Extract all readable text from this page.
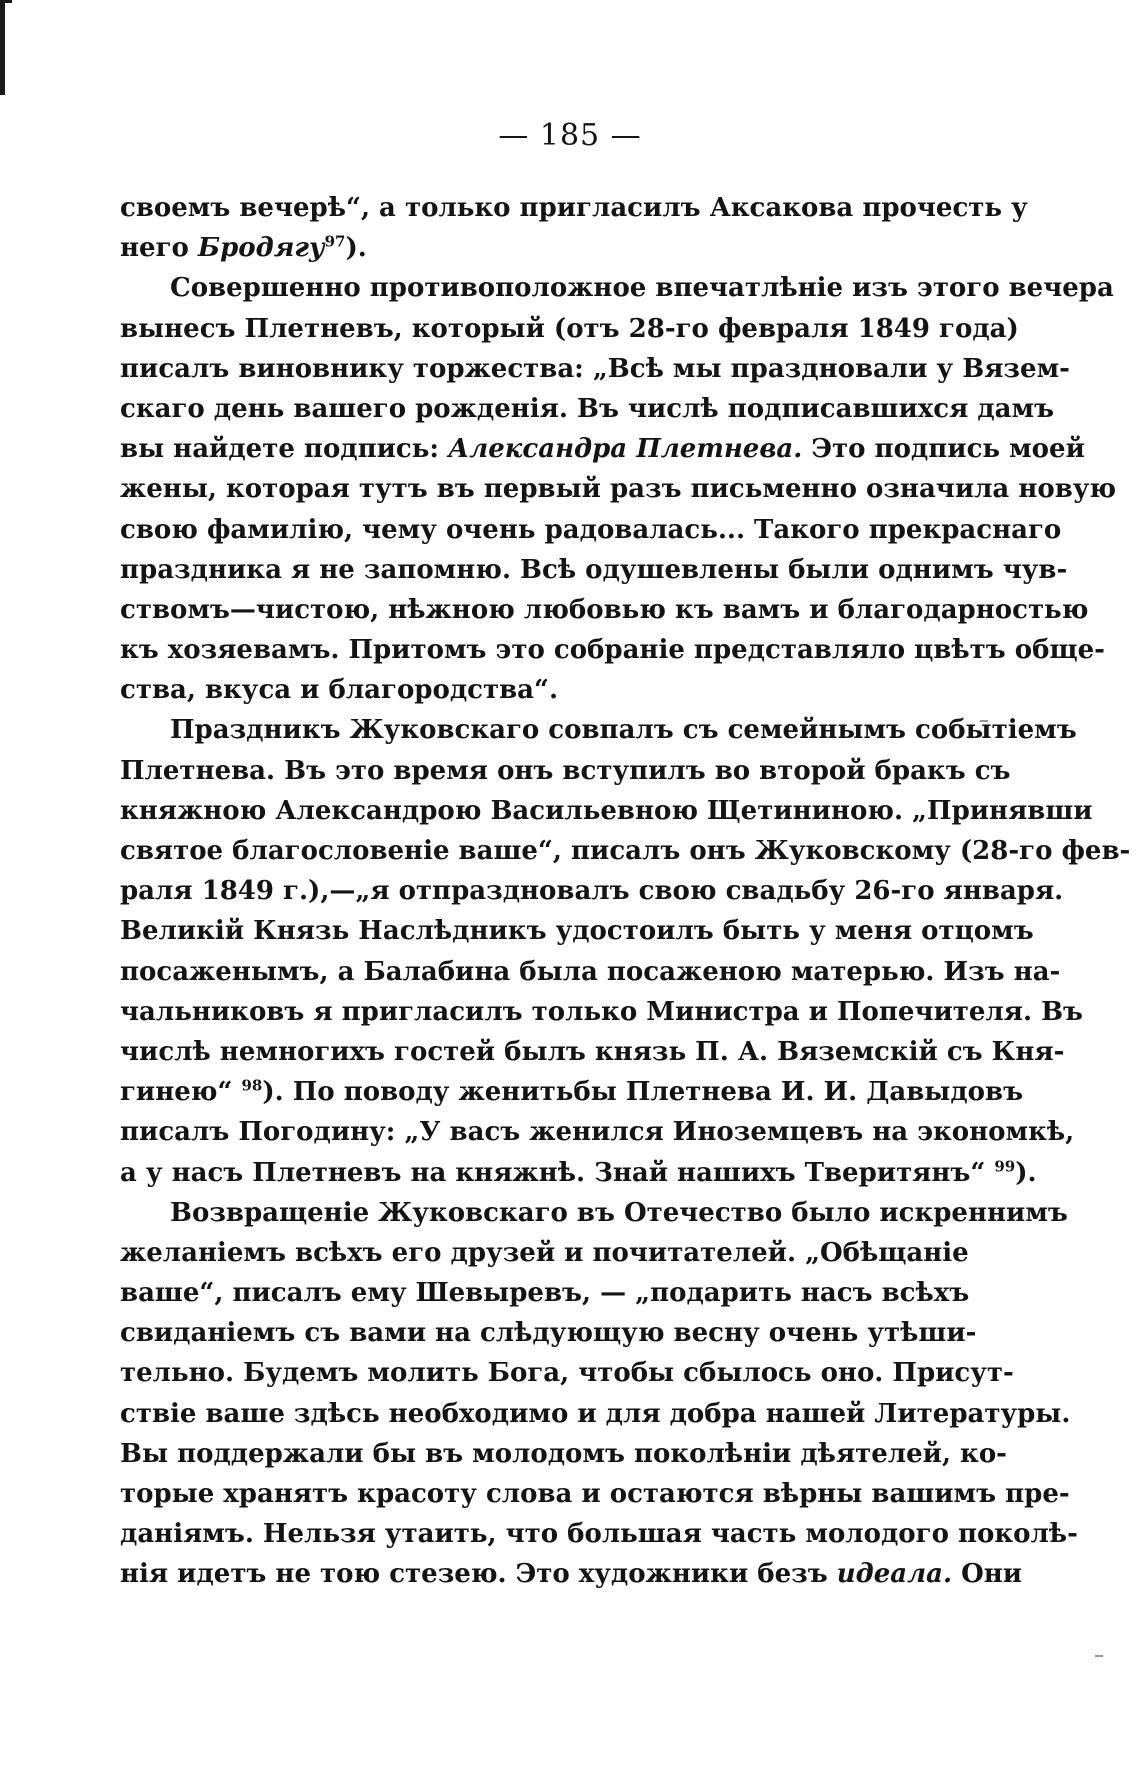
— 185 —
своемъ вечерѣ“, а только пригласилъ Аксакова прочесть у
него Бродягу$^{97}$).
Совершенно противоположное впечатлѣніе изъ этого вечера
вынесъ Плетневъ, который (отъ 28-го февраля 1849 года)
писалъ виновнику торжества: „Всѣ мы праздновали у Вязем-
скаго день вашего рожденія. Въ числѣ подписавшихся дамъ
вы найдете подпись: Александра Плетнева. Это подпись моей
жены, которая тутъ въ первый разъ письменно означила новую
свою фамилію, чему очень радовалась... Такого прекраснаго
праздника я не запомню. Всѣ одушевлены были однимъ чув-
ствомъ—чистою, нѣжною любовью къ вамъ и благодарностью
къ хозяевамъ. Притомъ это собраніе представляло цвѣтъ обще-
ства, вкуса и благородства“.
Праздникъ Жуковскаго совпалъ съ семейнымъ событіемъ
Плетнева. Въ это время онъ вступилъ во второй бракъ съ
княжною Александрою Васильевною Щетининою. „Принявши
святое благословеніе ваше“, писалъ онъ Жуковскому (28-го фев-
раля 1849 г.),—„я отпраздновалъ свою свадьбу 26-го января.
Великій Князь Наслѣдникъ удостоилъ быть у меня отцомъ
посаженымъ, а Балабина была посаженою матерью. Изъ на-
чальниковъ я пригласилъ только Министра и Попечителя. Въ
числѣ немногихъ гостей былъ князь П. А. Вяземскій съ Кня-
гинею“ $^{98}$). По поводу женитьбы Плетнева И. И. Давыдовъ
писалъ Погодину: „У васъ женился Иноземцевъ на экономкѣ,
а у насъ Плетневъ на княжнѣ. Знай нашихъ Тверитянъ“ $^{99}$).
Возвращеніе Жуковскаго въ Отечество было искреннимъ
желаніемъ всѣхъ его друзей и почитателей. „Обѣщаніе
ваше“, писалъ ему Шевыревъ, — „подарить насъ всѣхъ
свиданіемъ съ вами на слѣдующую весну очень утѣши-
тельно. Будемъ молить Бога, чтобы сбылось оно. Присут-
ствіе ваше здѣсь необходимо и для добра нашей Литературы.
Вы поддержали бы въ молодомъ поколѣніи дѣятелей, ко-
торые хранятъ красоту слова и остаются вѣрны вашимъ пре-
даніямъ. Нельзя утаить, что большая часть молодого поколѣ-
нія идетъ не тою стезею. Это художники безъ идеала. Они
